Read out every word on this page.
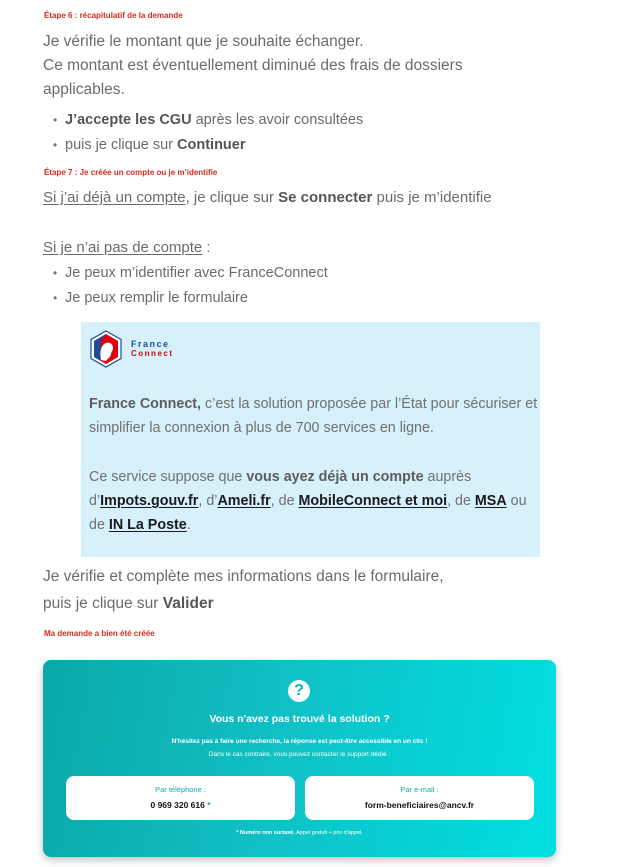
Étape 6 : récapitulatif de la demande
Je vérifie le montant que je souhaite échanger.
Ce montant est éventuellement diminué des frais de dossiers
applicables.
• J’accepte les CGU après les avoir consultées
• puis je clique sur Continuer
Étape 7 : Je créée un compte ou je m’identifie
Si j’ai déjà un compte, je clique sur Se connecter puis je m’identifie
Si je n’ai pas de compte :
• Je peux m’identifier avec FranceConnect
• Je peux remplir le formulaire
France
Connect
France Connect, c’est la solution proposée par l’État pour sécuriser et
simplifier la connexion à plus de 700 services en ligne.
Ce service suppose que vous ayez déjà un compte auprès
d’Impots.gouv.fr, d’Ameli.fr, de MobileConnect et moi, de MSA ou
de IN La Poste.
Je vérifie et complète mes informations dans le formulaire,
puis je clique sur Valider
Ma demande a bien été créée
?
Vous n'avez pas trouvé la solution ?
N'hésitez pas à faire une recherche, la réponse est peut-être accessible en un clic !
Dans le cas contraire, vous pouvez contacter le support dédié :
Par téléphone :
0 969 320 616 *
Par e-mail :
form-beneficiaires@ancv.fr
* Numéro non surtaxé. Appel gratuit + prix d'appel.
